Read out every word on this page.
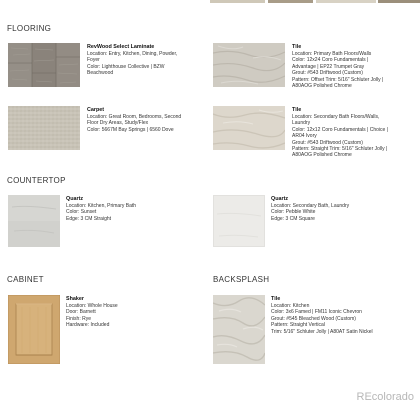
FLOORING
RevWood Select Laminate
Location: Entry, Kitchen, Dining, Powder,
Foyer
Color: Lighthouse Collective | BZW
Beachwood
Tile
Location: Primary Bath Floors/Walls
Color: 12x24 Coro Fundamentals |
Advantage | EP22 Trumpet Gray
Grout: #543 Driftwood (Custom)
Pattern: Offset Trim: 5/16" Schluter Jolly |
A80AOG Polished Chrome
Carpet
Location: Great Room, Bedrooms, Second
Floor Dry Areas, Study/Flex
Color: 5667M Bay Springs | 6560 Dove
Tile
Location: Secondary Bath Floors/Walls,
Laundry
Color: 12x12 Coro Fundamentals | Choice |
AR04 Ivory
Grout: #543 Driftwood (Custom)
Pattern: Straight Trim: 5/16" Schluter Jolly |
A80AOG Polished Chrome
COUNTERTOP
Quartz
Location: Kitchen, Primary Bath
Color: Sunset
Edge: 3 CM Straight
Quartz
Location: Secondary Bath, Laundry
Color: Pebble White
Edge: 3 CM Square
CABINET
Shaker
Location: Whole House
Door: Barnett
Finish: Rye
Hardware: Included
BACKSPLASH
Tile
Location: Kitchen
Color: 3x6 Famed | FM11 Iconic Chevron
Grout: #545 Bleached Wood (Custom)
Pattern: Straight Vertical
Trim: 5/16" Schluter Jolly | A80AT Satin Nickel
REcolorado
